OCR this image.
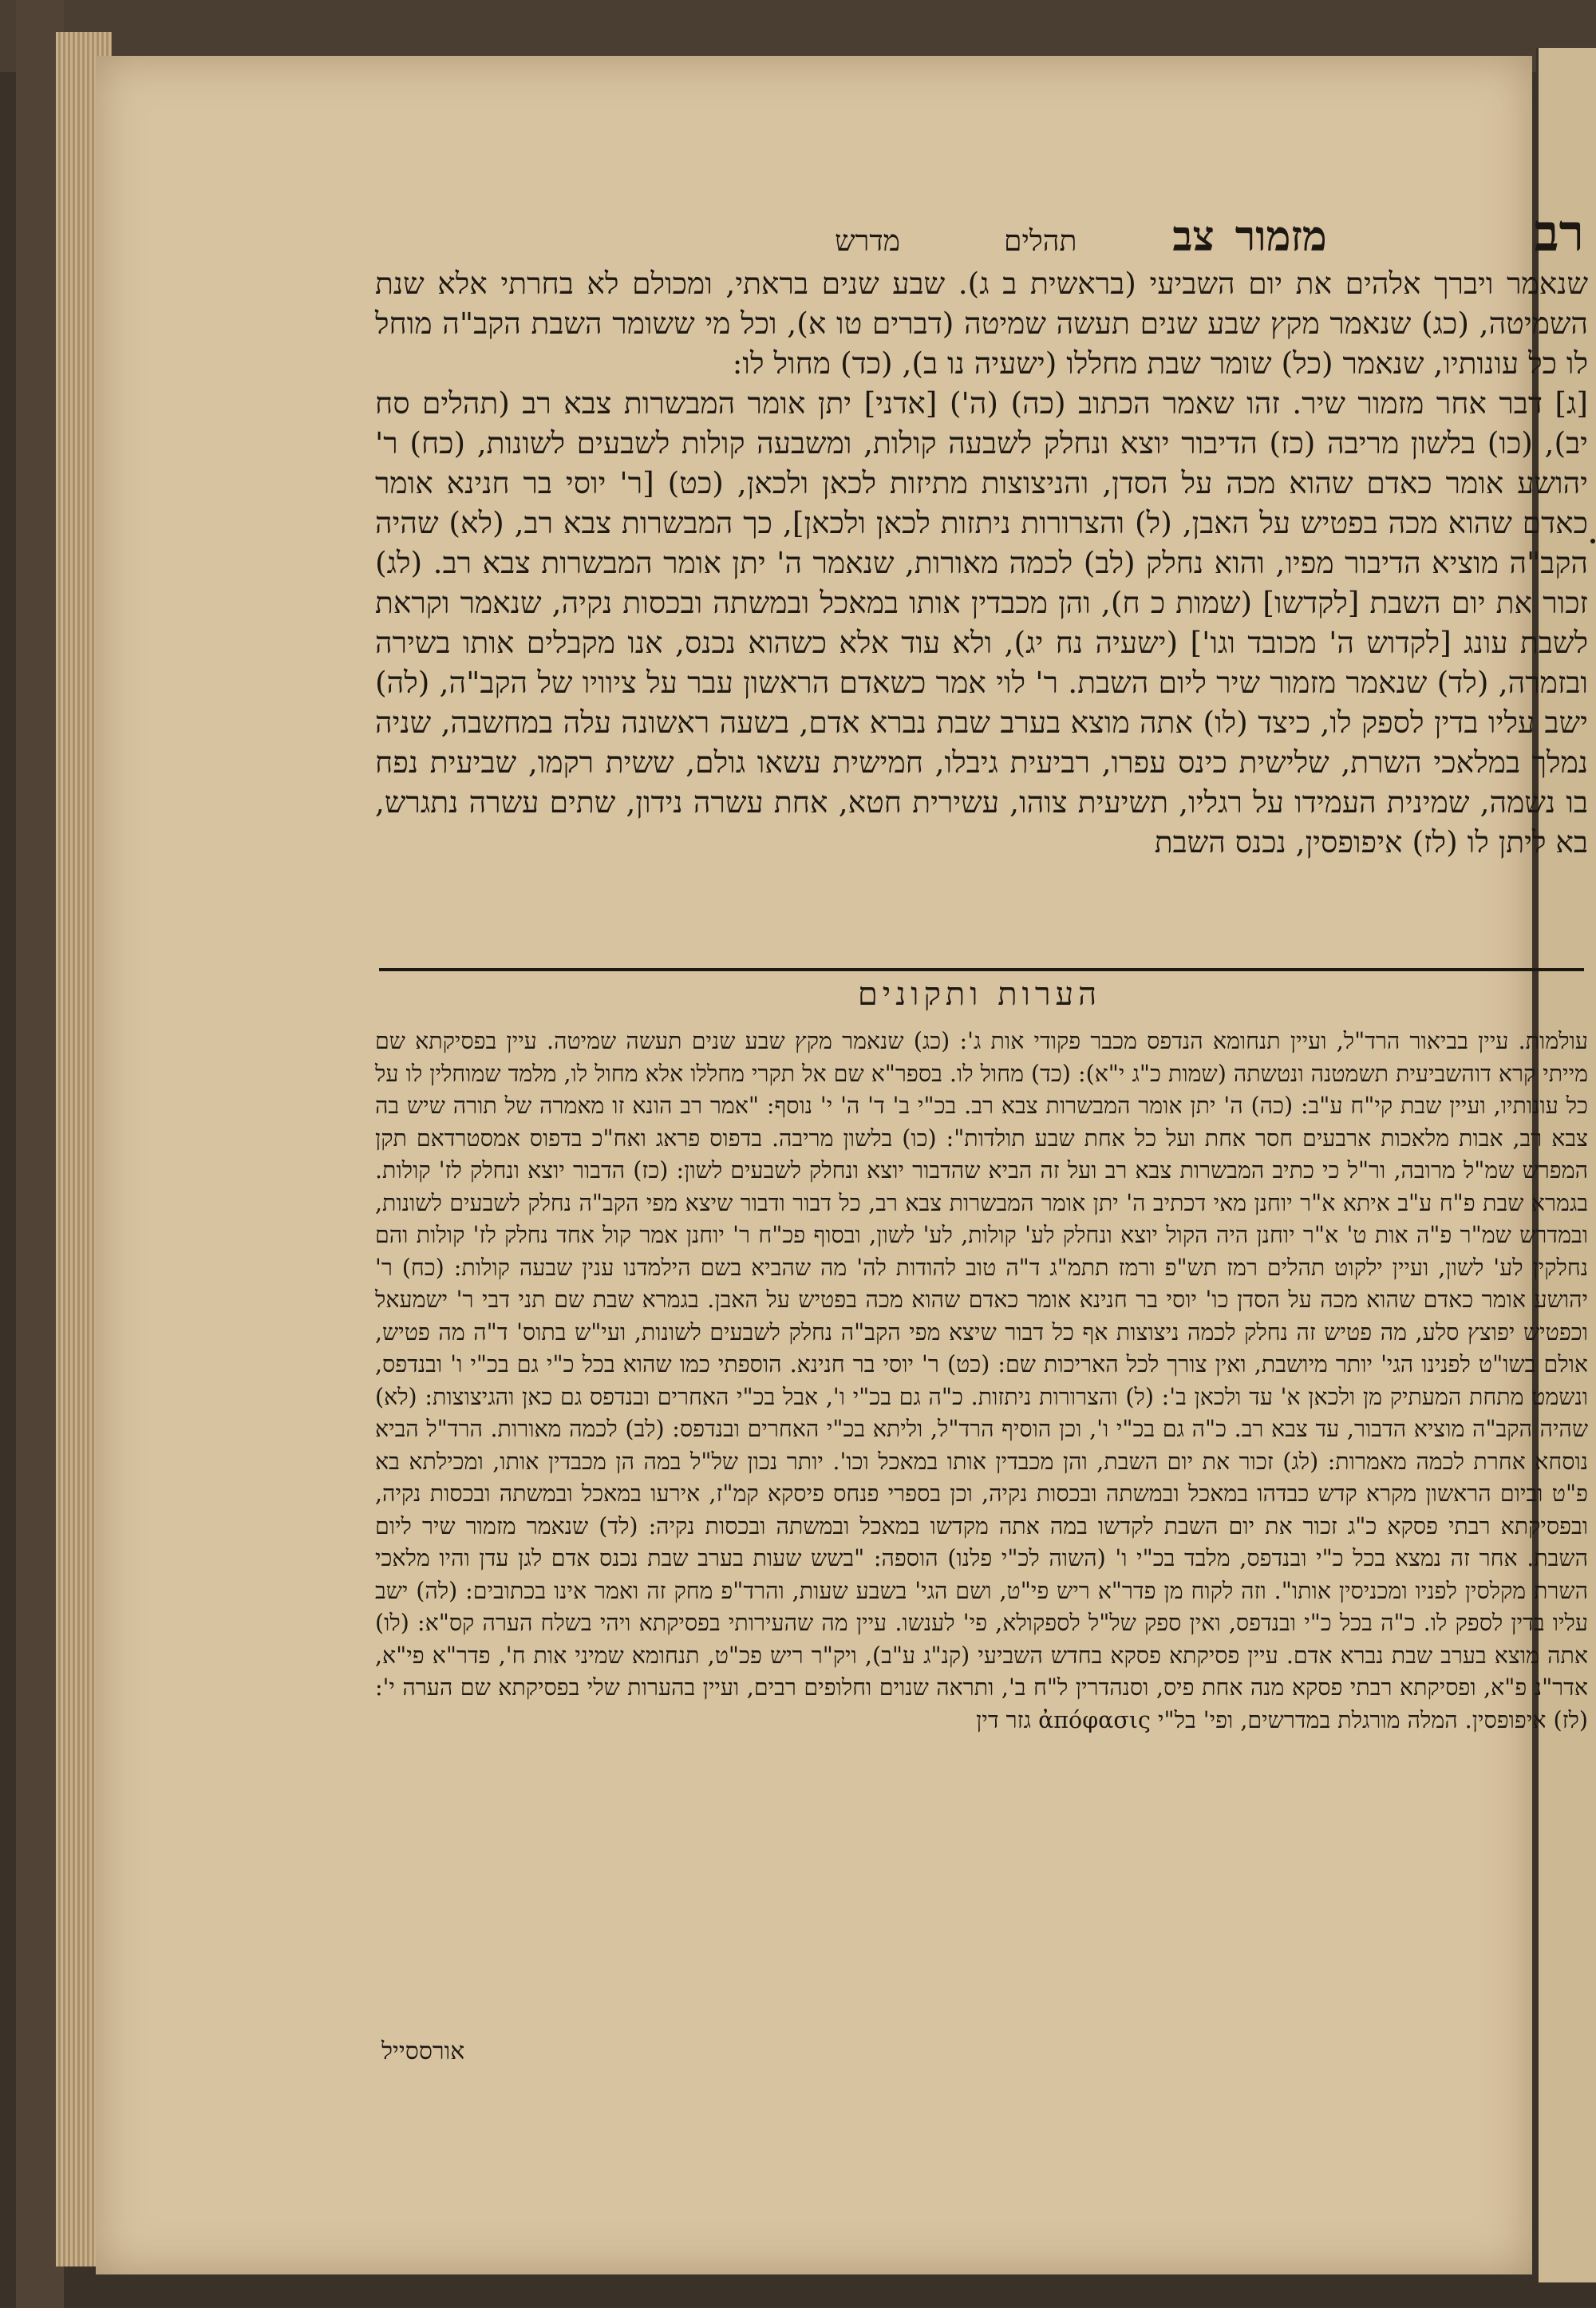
רב
מזמור
צב
תהלים
מדרש

שנאמר ויברך אלהים את יום השביעי (בראשית ב ג). שבע שנים בראתי, ומכולם לא בחרתי אלא שנת השמיטה, (כג) שנאמר מקץ שבע שנים תעשה שמיטה (דברים טו א), וכל מי ששומר השבת הקב"ה מוחל לו כל עונותיו, שנאמר (כל) שומר שבת מחללו (ישעיה נו ב), (כד) מחול לו:

[ג] דבר אחר מזמור שיר. זהו שאמר הכתוב (כה) (ה') [אדני] יתן אומר המבשרות צבא רב (תהלים סח יב), (כו) בלשון מריבה (כז) הדיבור יוצא ונחלק לשבעה קולות, ומשבעה קולות לשבעים לשונות, (כח) ר' יהושע אומר כאדם שהוא מכה על הסדן, והניצוצות מתיזות לכאן ולכאן, (כט) [ר' יוסי בר חנינא אומר כאדם שהוא מכה בפטיש על האבן, (ל) והצרורות ניתזות לכאן ולכאן], כך המבשרות צבא רב, (לא) שהיה הקב"ה מוציא הדיבור מפיו, והוא נחלק (לב) לכמה מאורות, שנאמר ה' יתן אומר המבשרות צבא רב. (לג) זכור את יום השבת [לקדשו] (שמות כ ח), והן מכבדין אותו במאכל ובמשתה ובכסות נקיה, שנאמר וקראת לשבת עונג [לקדוש ה' מכובד וגו'] (ישעיה נח יג), ולא עוד אלא כשהוא נכנס, אנו מקבלים אותו בשירה ובזמרה, (לד) שנאמר מזמור שיר ליום השבת. ר' לוי אמר כשאדם הראשון עבר על ציוויו של הקב"ה, (לה) ישב עליו בדין לספק לו, כיצד (לו) אתה מוצא בערב שבת נברא אדם, בשעה ראשונה עלה במחשבה, שניה נמלך במלאכי השרת, שלישית כינס עפרו, רביעית גיבלו, חמישית עשאו גולם, ששית רקמו, שביעית נפח בו נשמה, שמינית העמידו על רגליו, תשיעית צוהו, עשירית חטא, אחת עשרה נידון, שתים עשרה נתגרש, בא ליתן לו (לז) איפופסין, נכנס השבת

הערות ותקונים
עולמות. עיין בביאור הרד"ל, ועיין תנחומא הנדפס מכבר פקודי אות ג': (כג) שנאמר מקץ שבע שנים תעשה שמיטה. עיין בפסיקתא שם מייתי קרא דוהשביעית תשמטנה ונטשתה (שמות כ"ג י"א): (כד) מחול לו. בספר"א שם אל תקרי מחללו אלא מחול לו, מלמד שמוחלין לו על כל עונותיו, ועיין שבת קי"ח ע"ב: (כה) ה' יתן אומר המבשרות צבא רב. בכ"י ב' ד' ה' י' נוסף: "אמר רב הונא זו מאמרה של תורה שיש בה צבא רב, אבות מלאכות ארבעים חסר אחת ועל כל אחת שבע תולדות": (כו) בלשון מריבה. בדפוס פראג ואח"כ בדפוס אמסטרדאם תקן המפרש שמ"ל מרובה, ור"ל כי כתיב המבשרות צבא רב ועל זה הביא שהדבור יוצא ונחלק לשבעים לשון: (כז) הדבור יוצא ונחלק לז' קולות. בגמרא שבת פ"ח ע"ב איתא א"ר יוחנן מאי דכתיב ה' יתן אומר המבשרות צבא רב, כל דבור ודבור שיצא מפי הקב"ה נחלק לשבעים לשונות, ובמדרש שמ"ר פ"ה אות ט' א"ר יוחנן היה הקול יוצא ונחלק לע' קולות, לע' לשון, ובסוף פכ"ח ר' יוחנן אמר קול אחד נחלק לז' קולות והם נחלקין לע' לשון, ועיין ילקוט תהלים רמז תש"פ ורמז תתמ"ג ד"ה טוב להודות לה' מה שהביא בשם הילמדנו ענין שבעה קולות: (כח) ר' יהושע אומר כאדם שהוא מכה על הסדן כו' יוסי בר חנינא אומר כאדם שהוא מכה בפטיש על האבן. בגמרא שבת שם תני דבי ר' ישמעאל וכפטיש יפוצץ סלע, מה פטיש זה נחלק לכמה ניצוצות אף כל דבור שיצא מפי הקב"ה נחלק לשבעים לשונות, ועי"ש בתוס' ד"ה מה פטיש, אולם בשו"ט לפנינו הגי' יותר מיושבת, ואין צורך לכל האריכות שם: (כט) ר' יוסי בר חנינא. הוספתי כמו שהוא בכל כ"י גם בכ"י ו' ובנדפס, ונשמט מתחת המעתיק מן ולכאן א' עד ולכאן ב': (ל) והצרורות ניתזות. כ"ה גם בכ"י ו', אבל בכ"י האחרים ובנדפס גם כאן והגיצוצות: (לא) שהיה הקב"ה מוציא הדבור, עד צבא רב. כ"ה גם בכ"י ו', וכן הוסיף הרד"ל, וליתא בכ"י האחרים ובנדפס: (לב) לכמה מאורות. הרד"ל הביא נוסחא אחרת לכמה מאמרות: (לג) זכור את יום השבת, והן מכבדין אותו במאכל וכו'. יותר נכון של"ל במה הן מכבדין אותו, ומכילתא בא פ"ט וביום הראשון מקרא קדש כבדהו במאכל ובמשתה ובכסות נקיה, וכן בספרי פנחס פיסקא קמ"ז, אירעו במאכל ובמשתה ובכסות נקיה, ובפסיקתא רבתי פסקא כ"ג זכור את יום השבת לקדשו במה אתה מקדשו במאכל ובמשתה ובכסות נקיה: (לד) שנאמר מזמור שיר ליום השבת. אחר זה נמצא בכל כ"י ובנדפס, מלבד בכ"י ו' (השוה לכ"י פלנו) הוספה: "בשש שעות בערב שבת נכנס אדם לגן עדן והיו מלאכי השרת מקלסין לפניו ומכניסין אותו". וזה לקוח מן פדר"א ריש פי"ט, ושם הגי' בשבע שעות, והרד"פ מחק זה ואמר אינו בכתובים: (לה) ישב עליו בדין לספק לו. כ"ה בכל כ"י ובנדפס, ואין ספק של"ל לספקולא, פי' לענשו. עיין מה שהעירותי בפסיקתא ויהי בשלח הערה קס"א: (לו) אתה מוצא בערב שבת נברא אדם. עיין פסיקתא פסקא בחדש השביעי (קנ"ג ע"ב), ויק"ר ריש פכ"ט, תנחומא שמיני אות ח', פדר"א פי"א, אדר"נ פ"א, ופסיקתא רבתי פסקא מנה אחת פיס, וסנהדרין ל"ח ב', ותראה שנוים וחלופים רבים, ועיין בהערות שלי בפסיקתא שם הערה י': (לז) איפופסין. המלה מורגלת במדרשים, ופי' בל"י ἀπόφασις גזר דין
אורססייל
